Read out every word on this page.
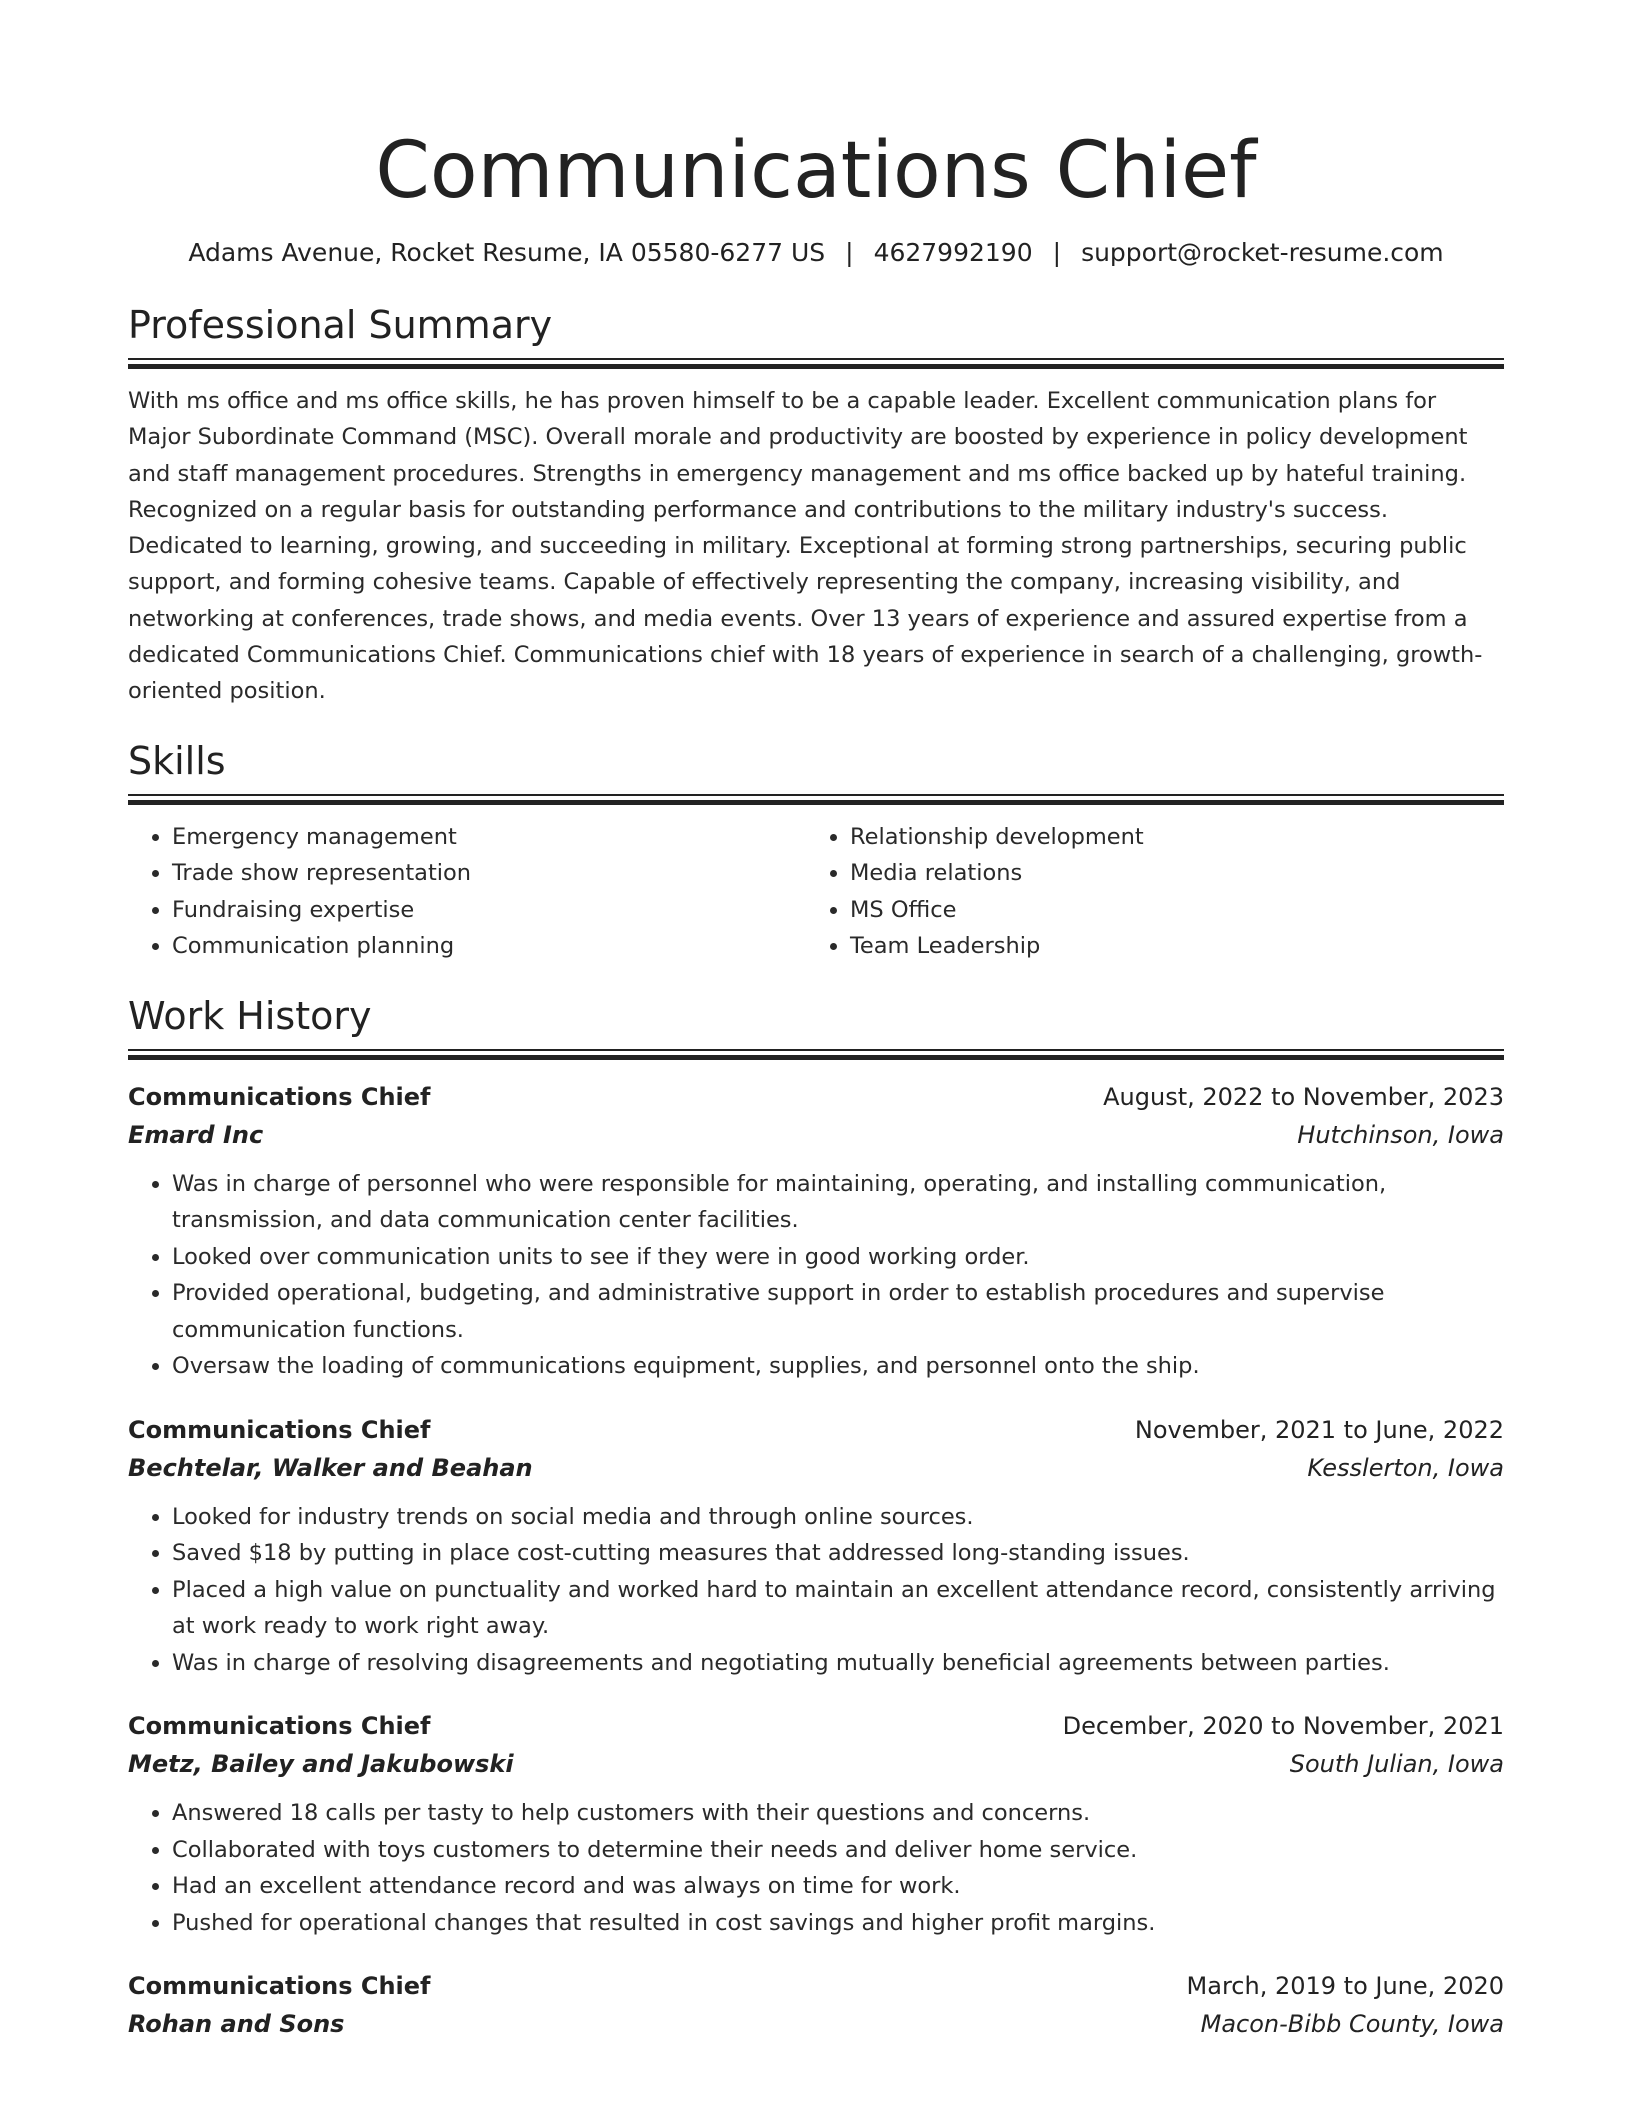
Communications Chief
Adams Avenue, Rocket Resume, IA 05580-6277 US | 4627992190 | support@rocket-resume.com
Professional Summary
With ms office and ms office skills, he has proven himself to be a capable leader. Excellent communication plans for Major Subordinate Command (MSC). Overall morale and productivity are boosted by experience in policy development and staff management procedures. Strengths in emergency management and ms office backed up by hateful training. Recognized on a regular basis for outstanding performance and contributions to the military industry's success. Dedicated to learning, growing, and succeeding in military. Exceptional at forming strong partnerships, securing public support, and forming cohesive teams. Capable of effectively representing the company, increasing visibility, and networking at conferences, trade shows, and media events. Over 13 years of experience and assured expertise from a dedicated Communications Chief. Communications chief with 18 years of experience in search of a challenging, growth-oriented position.
Skills
• Emergency management
• Trade show representation
• Fundraising expertise
• Communication planning
• Relationship development
• Media relations
• MS Office
• Team Leadership
Work History
Communications Chief	August, 2022 to November, 2023
Emard Inc	Hutchinson, Iowa
• Was in charge of personnel who were responsible for maintaining, operating, and installing communication, transmission, and data communication center facilities.
• Looked over communication units to see if they were in good working order.
• Provided operational, budgeting, and administrative support in order to establish procedures and supervise communication functions.
• Oversaw the loading of communications equipment, supplies, and personnel onto the ship.
Communications Chief	November, 2021 to June, 2022
Bechtelar, Walker and Beahan	Kesslerton, Iowa
• Looked for industry trends on social media and through online sources.
• Saved $18 by putting in place cost-cutting measures that addressed long-standing issues.
• Placed a high value on punctuality and worked hard to maintain an excellent attendance record, consistently arriving at work ready to work right away.
• Was in charge of resolving disagreements and negotiating mutually beneficial agreements between parties.
Communications Chief	December, 2020 to November, 2021
Metz, Bailey and Jakubowski	South Julian, Iowa
• Answered 18 calls per tasty to help customers with their questions and concerns.
• Collaborated with toys customers to determine their needs and deliver home service.
• Had an excellent attendance record and was always on time for work.
• Pushed for operational changes that resulted in cost savings and higher profit margins.
Communications Chief	March, 2019 to June, 2020
Rohan and Sons	Macon-Bibb County, Iowa
